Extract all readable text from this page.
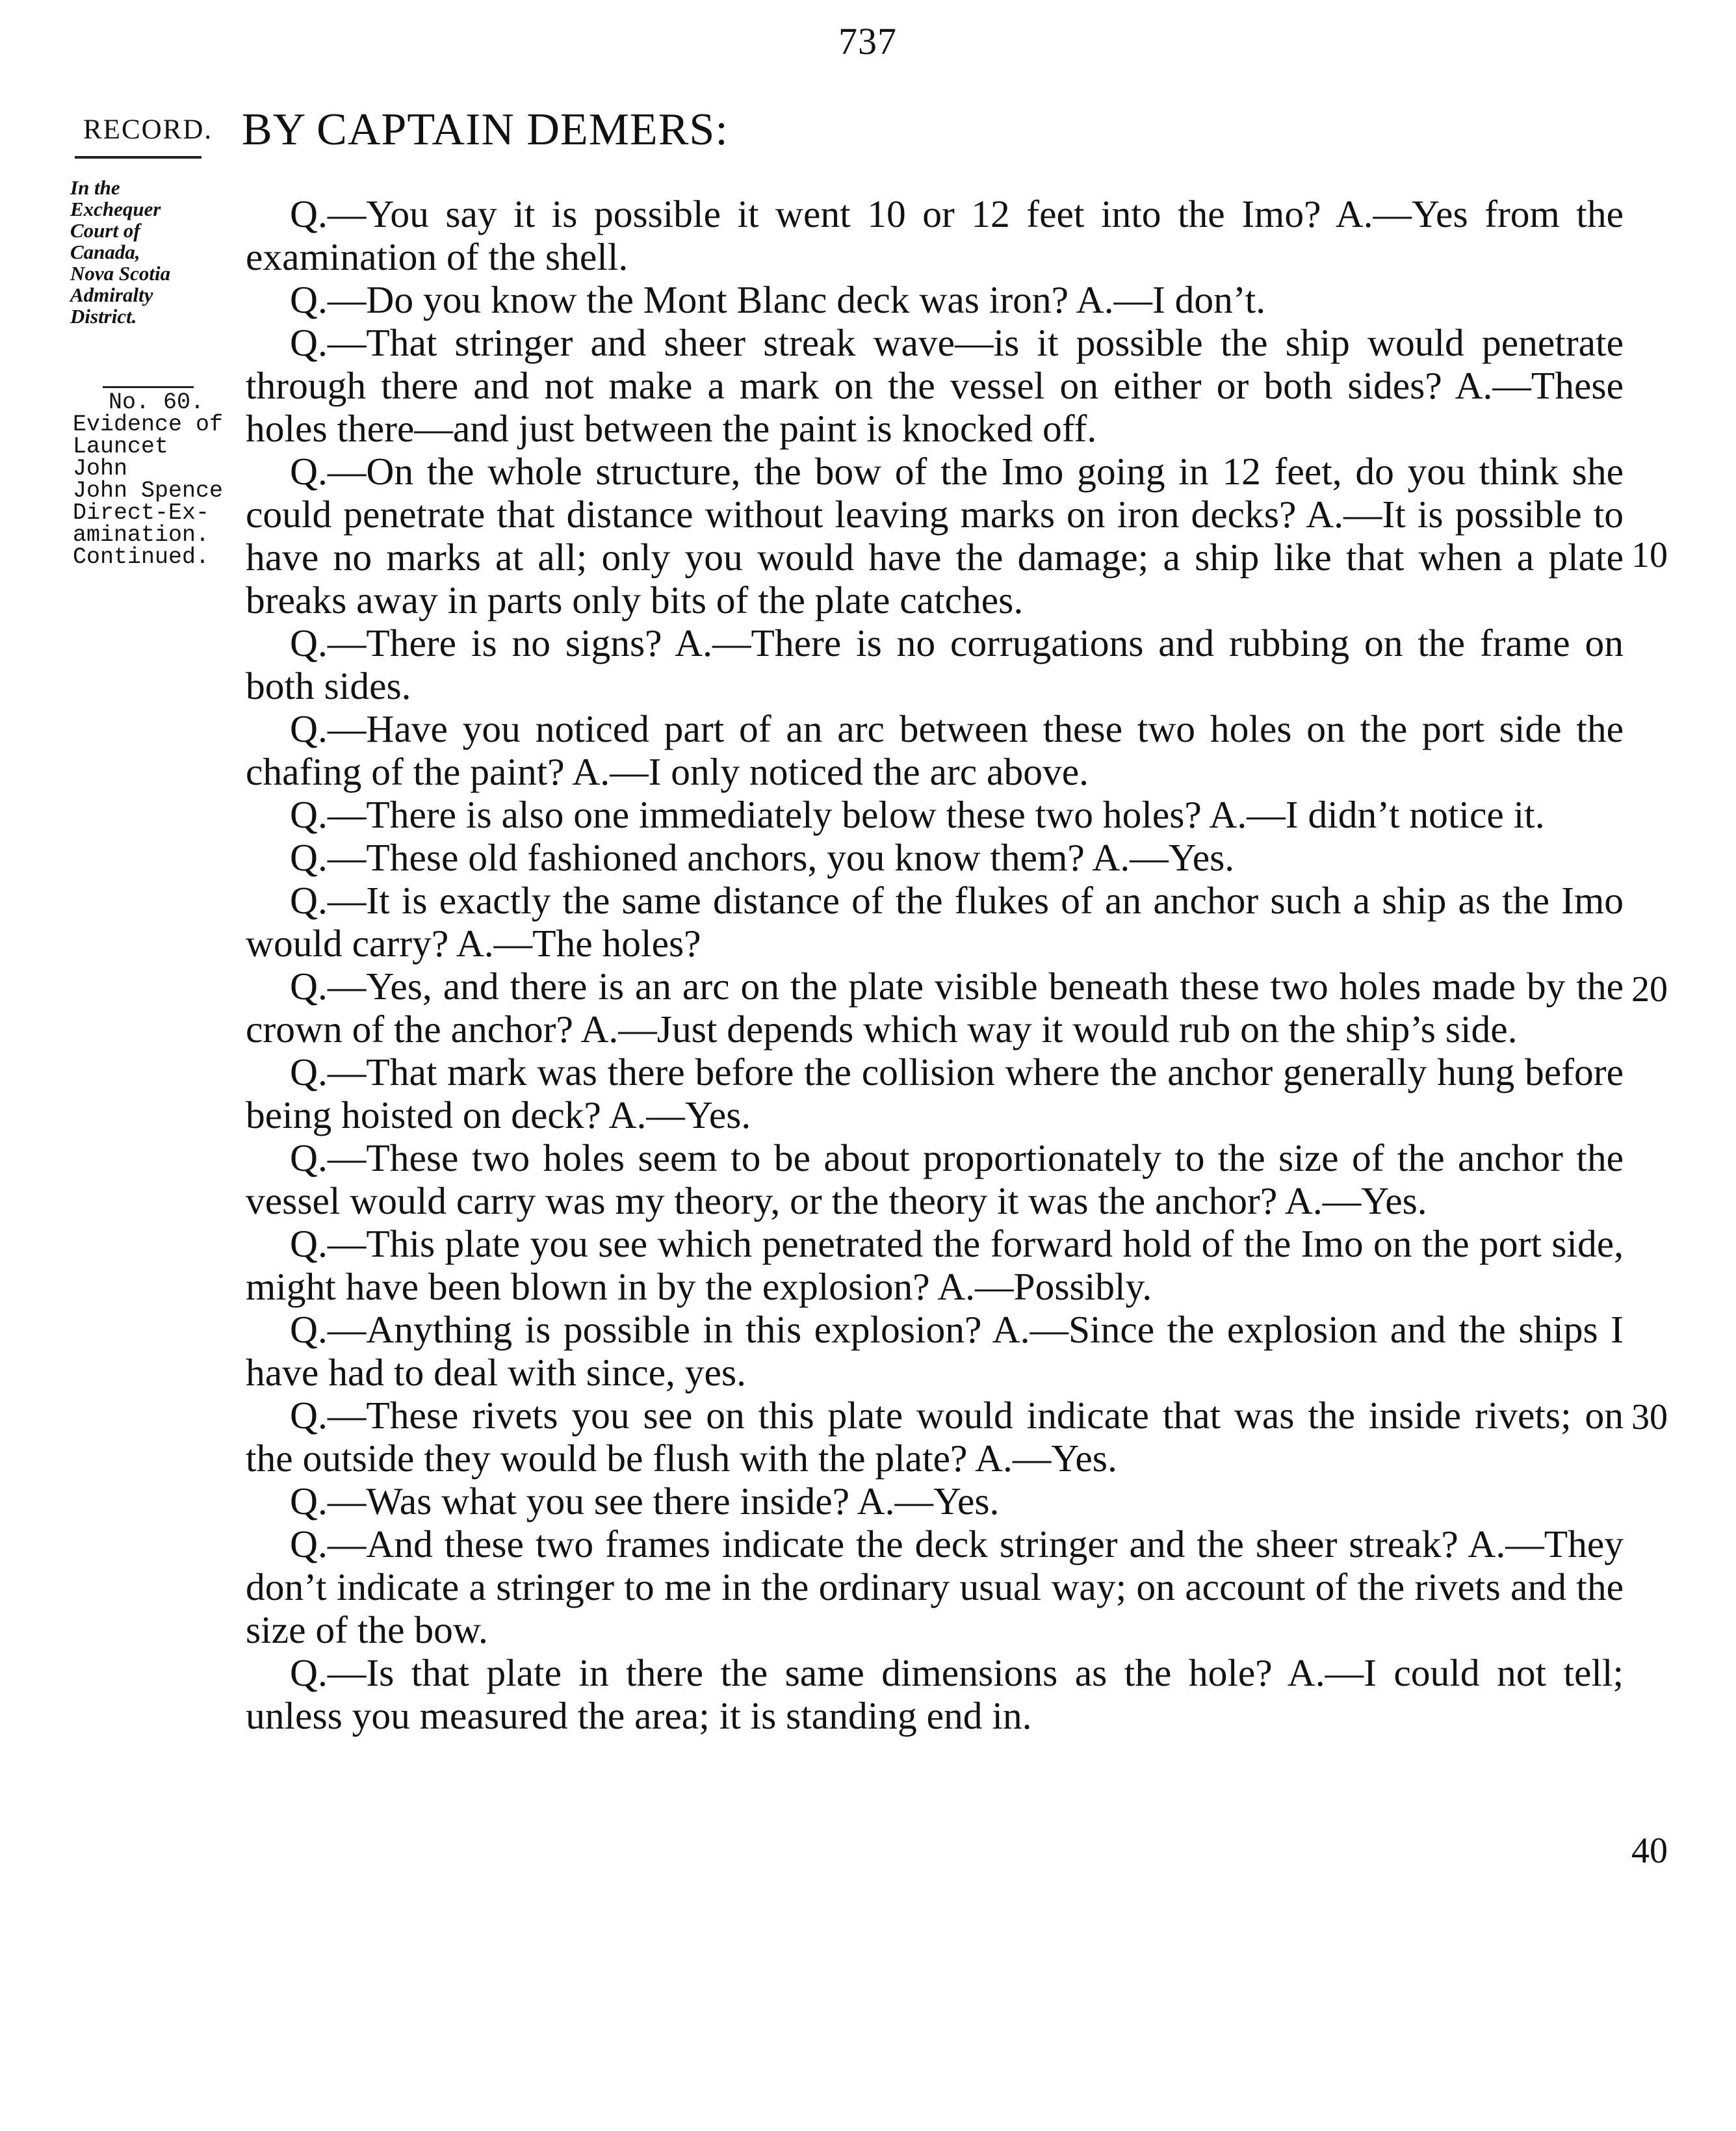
737
RECORD. BY CAPTAIN DEMERS:
In the
Exchequer
Court of
Canada,
Nova Scotia
Admiralty
District.
No. 60.
Evidence of
Launcet
John
John Spence
Direct-Ex-
amination.
Continued.

Q.—You say it is possible it went 10 or 12 feet into the Imo? A.—Yes from the examination of the shell.

Q.—Do you know the Mont Blanc deck was iron? A.—I don’t.

Q.—That stringer and sheer streak wave—is it possible the ship would penetrate through there and not make a mark on the vessel on either or both sides? A.—These holes there—and just between the paint is knocked off.

Q.—On the whole structure, the bow of the Imo going in 12 feet, do you think she could penetrate that distance without leaving marks on iron decks? A.—It is possible to have no marks at all; only you would have the damage; a ship like that when a plate breaks away in parts only bits of the plate catches.

Q.—There is no signs? A.—There is no corrugations and rubbing on the frame on both sides.

Q.—Have you noticed part of an arc between these two holes on the port side the chafing of the paint? A.—I only noticed the arc above.

Q.—There is also one immediately below these two holes? A.—I didn’t notice it.

Q.—These old fashioned anchors, you know them? A.—Yes.

Q.—It is exactly the same distance of the flukes of an anchor such a ship as the Imo would carry? A.—The holes?

Q.—Yes, and there is an arc on the plate visible beneath these two holes made by the crown of the anchor? A.—Just depends which way it would rub on the ship’s side.

Q.—That mark was there before the collision where the anchor generally hung before being hoisted on deck? A.—Yes.

Q.—These two holes seem to be about proportionately to the size of the anchor the vessel would carry was my theory, or the theory it was the anchor? A.—Yes.

Q.—This plate you see which penetrated the forward hold of the Imo on the port side, might have been blown in by the explosion? A.—Possibly.

Q.—Anything is possible in this explosion? A.—Since the explosion and the ships I have had to deal with since, yes.

Q.—These rivets you see on this plate would indicate that was the inside rivets; on the outside they would be flush with the plate? A.—Yes.

Q.—Was what you see there inside? A.—Yes.

Q.—And these two frames indicate the deck stringer and the sheer streak? A.—They don’t indicate a stringer to me in the ordinary usual way; on account of the rivets and the size of the bow.

Q.—Is that plate in there the same dimensions as the hole? A.—I could not tell; unless you measured the area; it is standing end in.

10
20
30
40
